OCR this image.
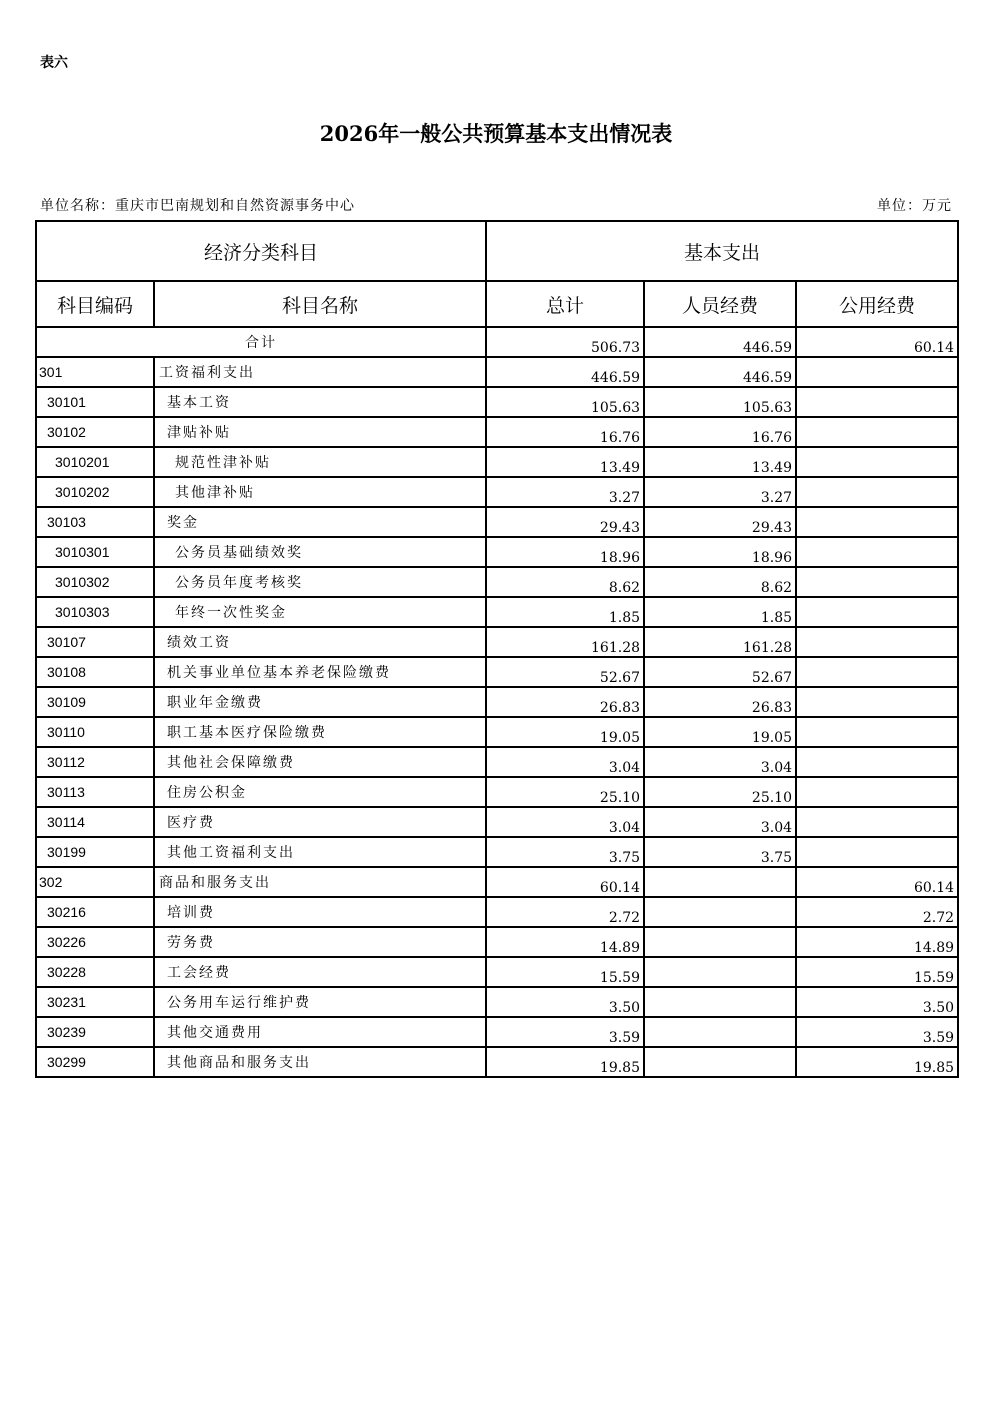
表六
2026年一般公共预算基本支出情况表
单位名称：重庆市巴南规划和自然资源事务中心	单位：万元
经济分类科目		基本支出		
科目编码	科目名称	总计	人员经费	公用经费
合计		506.73	446.59	60.14
301	工资福利支出	446.59	446.59	
30101	基本工资	105.63	105.63	
30102	津贴补贴	16.76	16.76	
3010201	规范性津补贴	13.49	13.49	
3010202	其他津补贴	3.27	3.27	
30103	奖金	29.43	29.43	
3010301	公务员基础绩效奖	18.96	18.96	
3010302	公务员年度考核奖	8.62	8.62	
3010303	年终一次性奖金	1.85	1.85	
30107	绩效工资	161.28	161.28	
30108	机关事业单位基本养老保险缴费	52.67	52.67	
30109	职业年金缴费	26.83	26.83	
30110	职工基本医疗保险缴费	19.05	19.05	
30112	其他社会保障缴费	3.04	3.04	
30113	住房公积金	25.10	25.10	
30114	医疗费	3.04	3.04	
30199	其他工资福利支出	3.75	3.75	
302	商品和服务支出	60.14		60.14
30216	培训费	2.72		2.72
30226	劳务费	14.89		14.89
30228	工会经费	15.59		15.59
30231	公务用车运行维护费	3.50		3.50
30239	其他交通费用	3.59		3.59
30299	其他商品和服务支出	19.85		19.85
